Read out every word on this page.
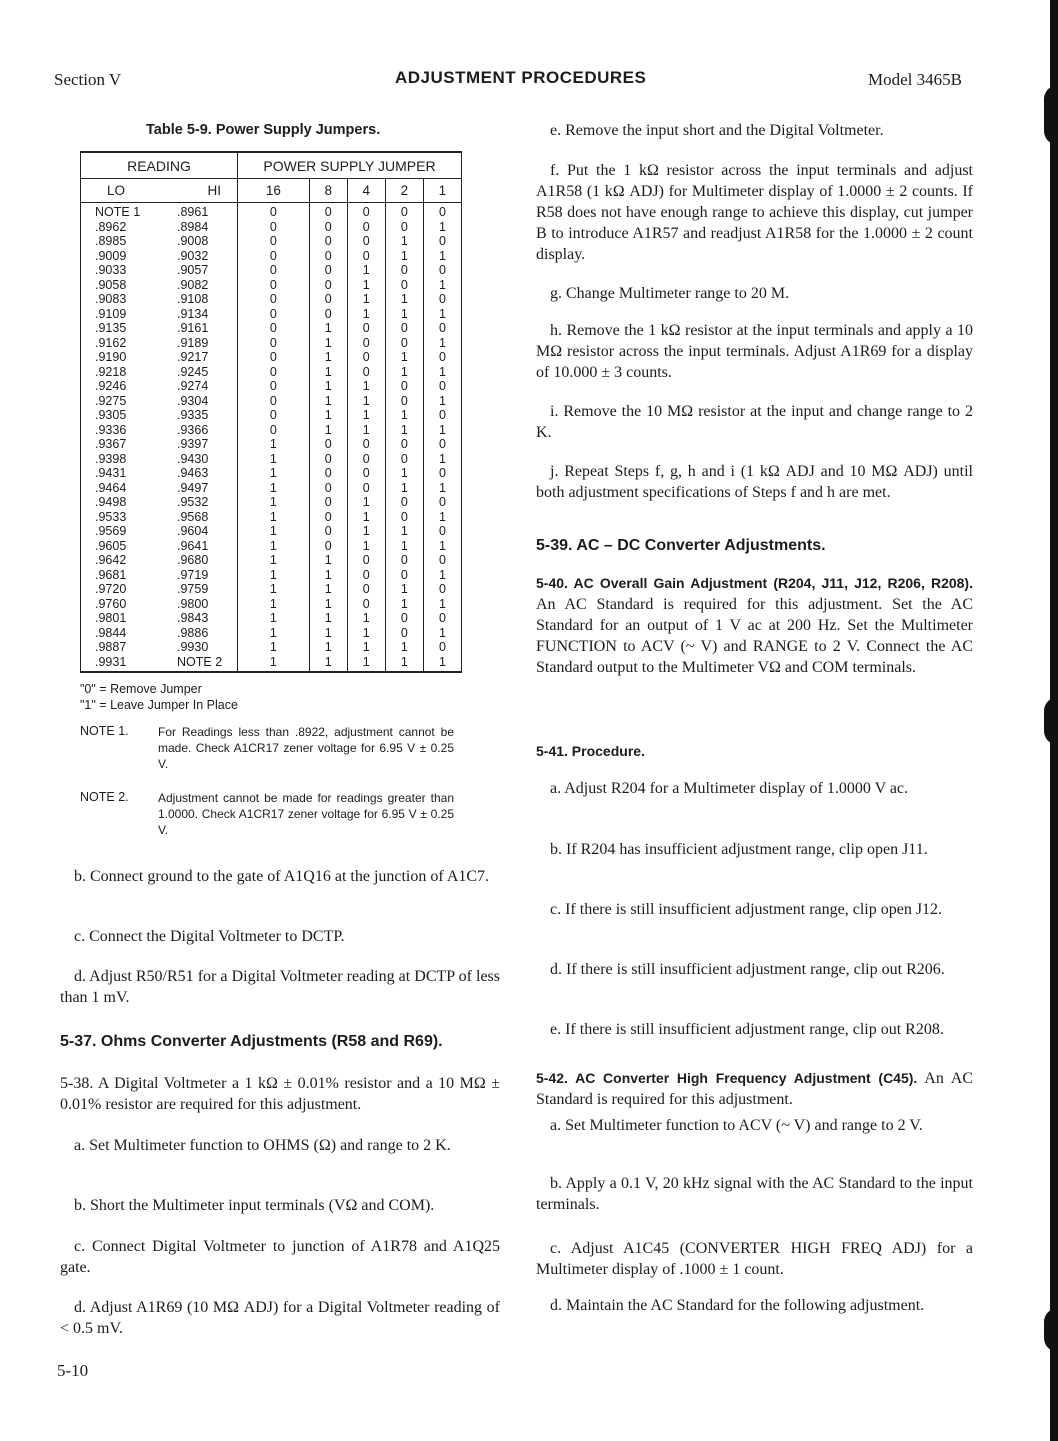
Section V	ADJUSTMENT PROCEDURES	Model 3465B
Table 5-9. Power Supply Jumpers.
READING		POWER SUPPLY JUMPER				
LO	HI	16	8	4	2	1
NOTE 1	.8961	0	0	0	0	0
.8962	.8984	0	0	0	0	1
.8985	.9008	0	0	0	1	0
.9009	.9032	0	0	0	1	1
.9033	.9057	0	0	1	0	0
.9058	.9082	0	0	1	0	1
.9083	.9108	0	0	1	1	0
.9109	.9134	0	0	1	1	1
.9135	.9161	0	1	0	0	0
.9162	.9189	0	1	0	0	1
.9190	.9217	0	1	0	1	0
.9218	.9245	0	1	0	1	1
.9246	.9274	0	1	1	0	0
.9275	.9304	0	1	1	0	1
.9305	.9335	0	1	1	1	0
.9336	.9366	0	1	1	1	1
.9367	.9397	1	0	0	0	0
.9398	.9430	1	0	0	0	1
.9431	.9463	1	0	0	1	0
.9464	.9497	1	0	0	1	1
.9498	.9532	1	0	1	0	0
.9533	.9568	1	0	1	0	1
.9569	.9604	1	0	1	1	0
.9605	.9641	1	0	1	1	1
.9642	.9680	1	1	0	0	0
.9681	.9719	1	1	0	0	1
.9720	.9759	1	1	0	1	0
.9760	.9800	1	1	0	1	1
.9801	.9843	1	1	1	0	0
.9844	.9886	1	1	1	0	1
.9887	.9930	1	1	1	1	0
.9931	NOTE 2	1	1	1	1	1
"0" = Remove Jumper
"1" = Leave Jumper In Place
NOTE 1. For Readings less than .8922, adjustment cannot be made. Check A1CR17 zener voltage for 6.95 V ± 0.25 V.
NOTE 2. Adjustment cannot be made for readings greater than 1.0000. Check A1CR17 zener voltage for 6.95 V ± 0.25 V.
b. Connect ground to the gate of A1Q16 at the junction of A1C7.
c. Connect the Digital Voltmeter to DCTP.
d. Adjust R50/R51 for a Digital Voltmeter reading at DCTP of less than 1 mV.
5-37. Ohms Converter Adjustments (R58 and R69).
5-38. A Digital Voltmeter a 1 kΩ ± 0.01% resistor and a 10 MΩ ± 0.01% resistor are required for this adjustment.
a. Set Multimeter function to OHMS (Ω) and range to 2 K.
b. Short the Multimeter input terminals (VΩ and COM).
c. Connect Digital Voltmeter to junction of A1R78 and A1Q25 gate.
d. Adjust A1R69 (10 MΩ ADJ) for a Digital Voltmeter reading of < 0.5 mV.
e. Remove the input short and the Digital Voltmeter.
f. Put the 1 kΩ resistor across the input terminals and adjust A1R58 (1 kΩ ADJ) for Multimeter display of 1.0000 ± 2 counts. If R58 does not have enough range to achieve this display, cut jumper B to introduce A1R57 and readjust A1R58 for the 1.0000 ± 2 count display.
g. Change Multimeter range to 20 M.
h. Remove the 1 kΩ resistor at the input terminals and apply a 10 MΩ resistor across the input terminals. Adjust A1R69 for a display of 10.000 ± 3 counts.
i. Remove the 10 MΩ resistor at the input and change range to 2 K.
j. Repeat Steps f, g, h and i (1 kΩ ADJ and 10 MΩ ADJ) until both adjustment specifications of Steps f and h are met.
5-39. AC – DC Converter Adjustments.
5-40. AC Overall Gain Adjustment (R204, J11, J12, R206, R208). An AC Standard is required for this adjustment. Set the AC Standard for an output of 1 V ac at 200 Hz. Set the Multimeter FUNCTION to ACV (~ V) and RANGE to 2 V. Connect the AC Standard output to the Multimeter VΩ and COM terminals.
5-41. Procedure.
a. Adjust R204 for a Multimeter display of 1.0000 V ac.
b. If R204 has insufficient adjustment range, clip open J11.
c. If there is still insufficient adjustment range, clip open J12.
d. If there is still insufficient adjustment range, clip out R206.
e. If there is still insufficient adjustment range, clip out R208.
5-42. AC Converter High Frequency Adjustment (C45). An AC Standard is required for this adjustment.
a. Set Multimeter function to ACV (~ V) and range to 2 V.
b. Apply a 0.1 V, 20 kHz signal with the AC Standard to the input terminals.
c. Adjust A1C45 (CONVERTER HIGH FREQ ADJ) for a Multimeter display of .1000 ± 1 count.
d. Maintain the AC Standard for the following adjustment.
5-10
